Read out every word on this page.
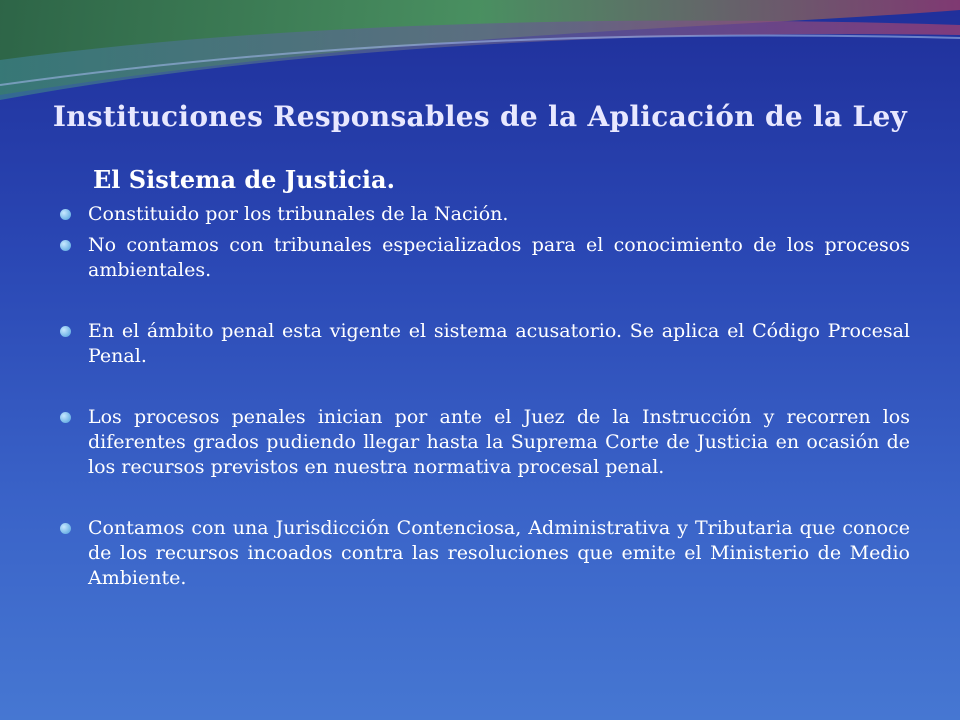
Instituciones Responsables de la Aplicación de la Ley
El Sistema de Justicia.
Constituido por los tribunales de la Nación.
No contamos con tribunales especializados para el conocimiento de los procesos ambientales.
En el ámbito penal esta vigente el sistema acusatorio. Se aplica el Código Procesal Penal.
Los procesos penales inician por ante el Juez de la Instrucción y recorren los diferentes grados pudiendo llegar hasta la Suprema Corte de Justicia en ocasión de los recursos previstos en nuestra normativa procesal penal.
Contamos con una Jurisdicción Contenciosa, Administrativa y Tributaria que conoce de los recursos incoados contra las resoluciones que emite el Ministerio de Medio Ambiente.
